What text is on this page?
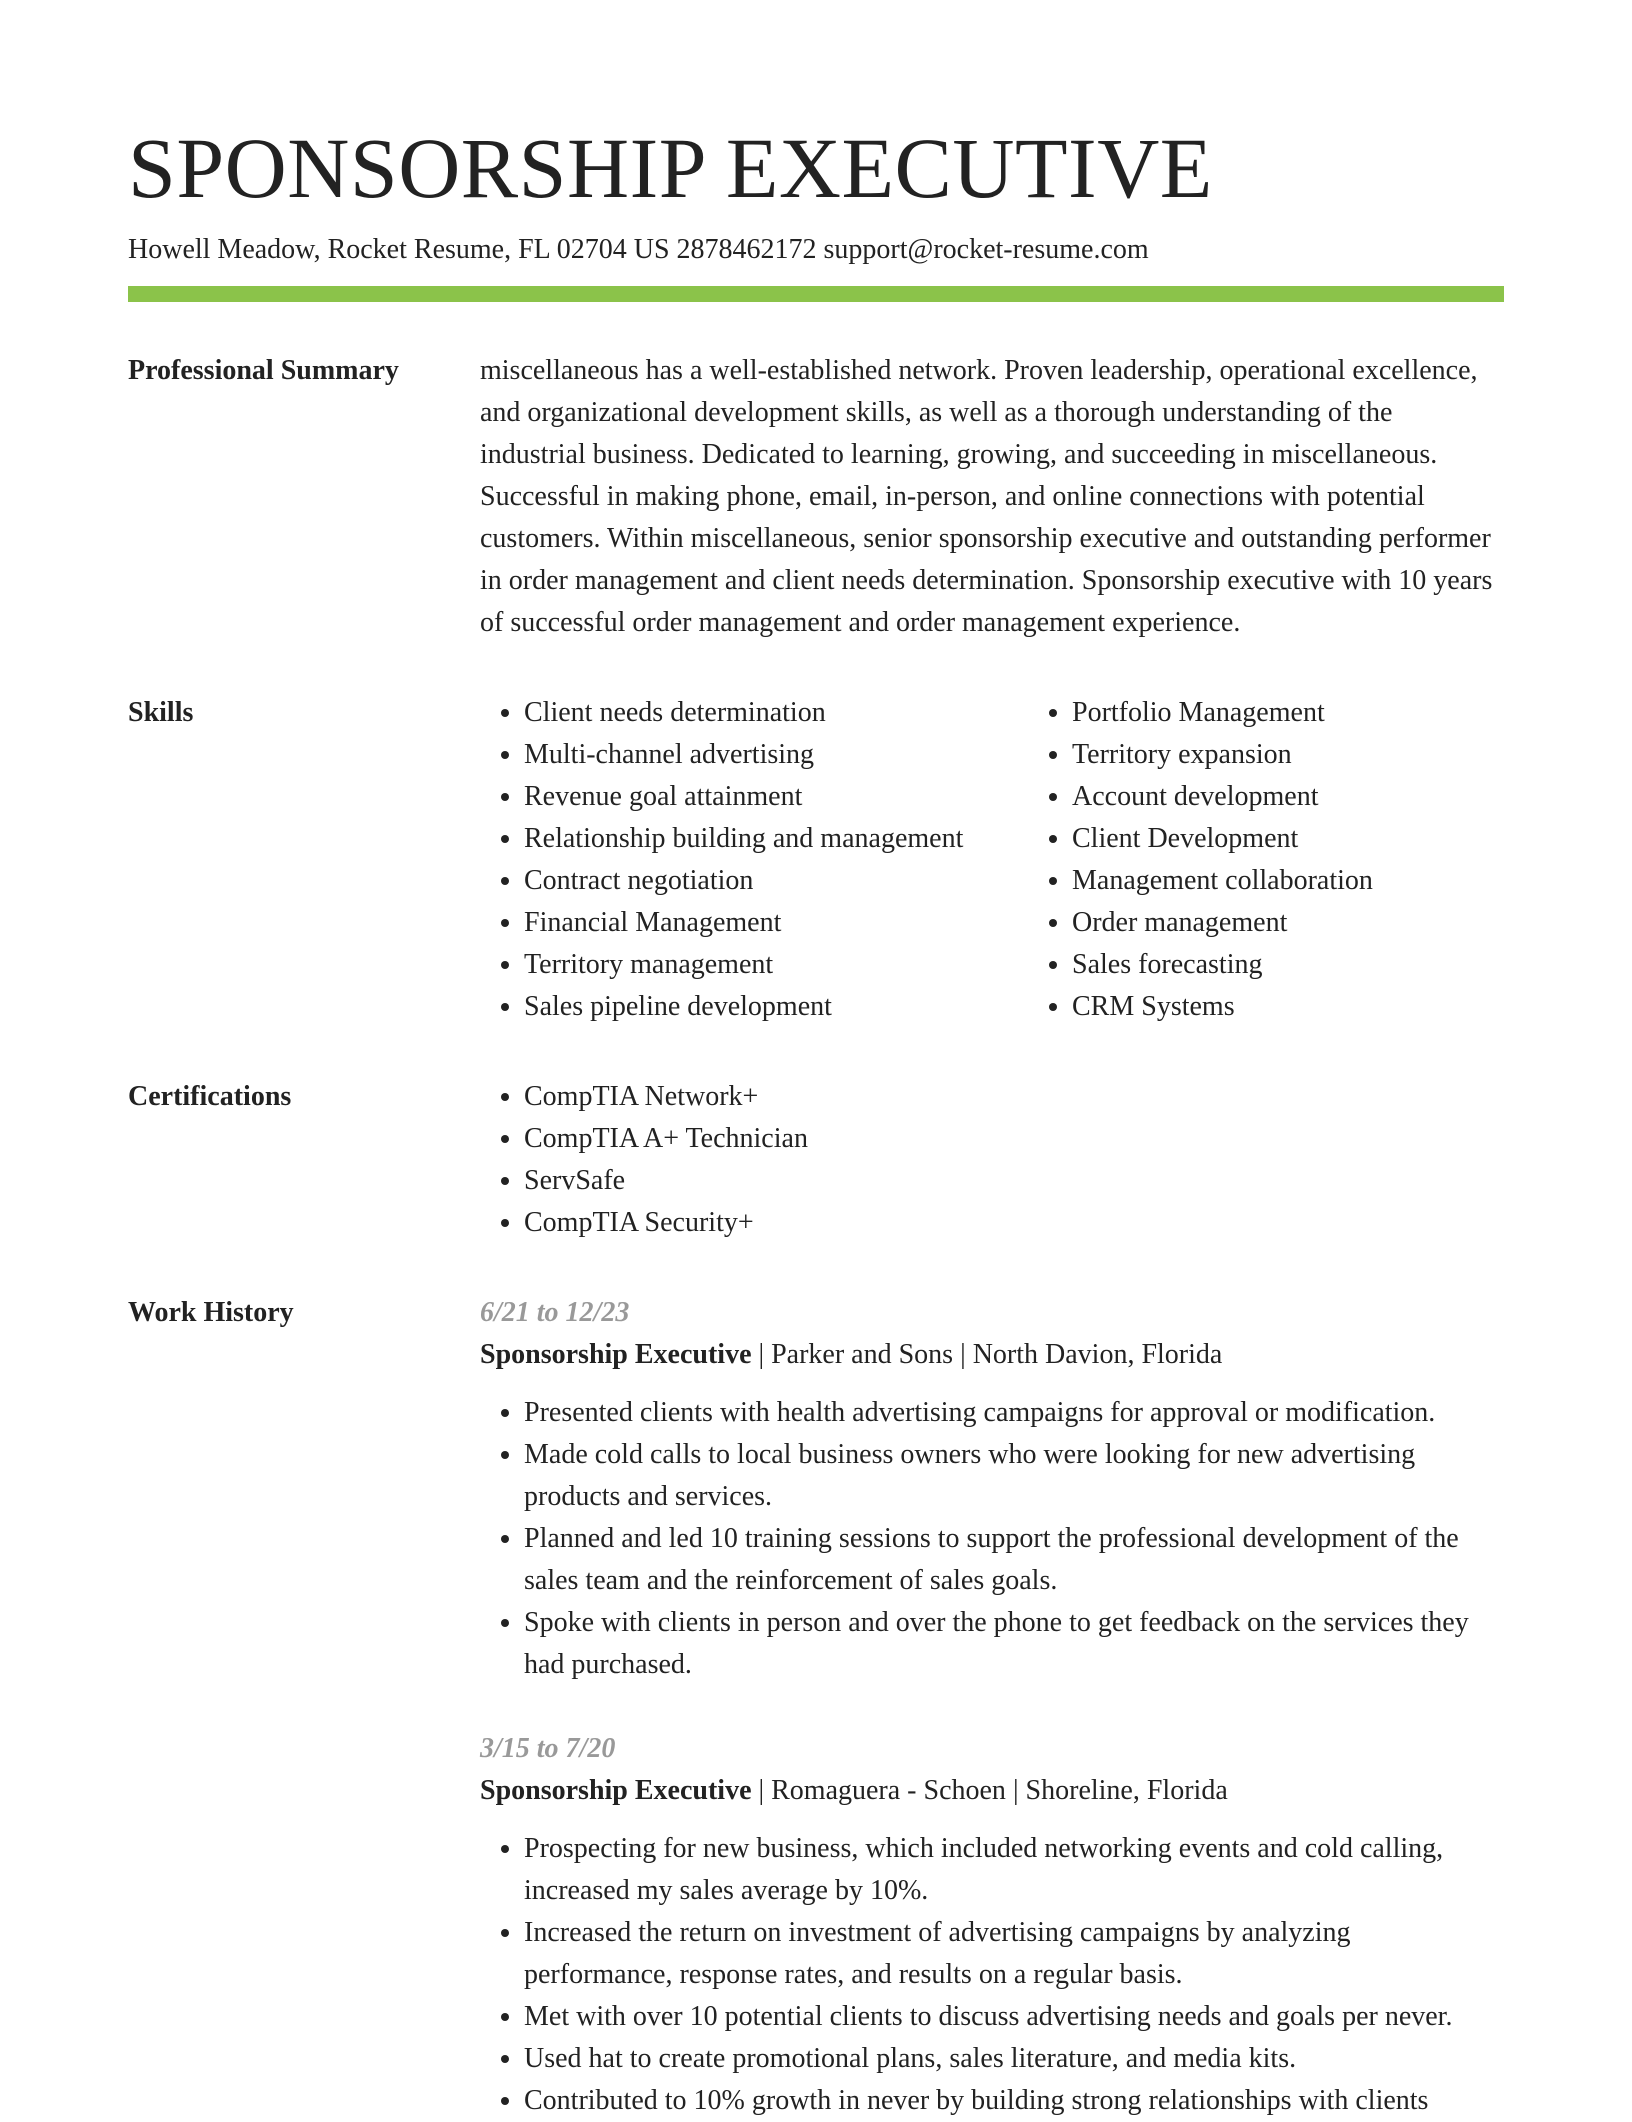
SPONSORSHIP EXECUTIVE
Howell Meadow, Rocket Resume, FL 02704 US 2878462172 support@rocket-resume.com
Professional Summary	miscellaneous has a well-established network. Proven leadership, operational excellence, and organizational development skills, as well as a thorough understanding of the industrial business. Dedicated to learning, growing, and succeeding in miscellaneous. Successful in making phone, email, in-person, and online connections with potential customers. Within miscellaneous, senior sponsorship executive and outstanding performer in order management and client needs determination. Sponsorship executive with 10 years of successful order management and order management experience.

Skills	• Client needs determination
• Multi-channel advertising
• Revenue goal attainment
• Relationship building and management
• Contract negotiation
• Financial Management
• Territory management
• Sales pipeline development
• Portfolio Management
• Territory expansion
• Account development
• Client Development
• Management collaboration
• Order management
• Sales forecasting
• CRM Systems
Certifications	• CompTIA Network+
• CompTIA A+ Technician
• ServSafe
• CompTIA Security+
Work History	6/21 to 12/23
Sponsorship Executive | Parker and Sons | North Davion, Florida
• Presented clients with health advertising campaigns for approval or modification.
• Made cold calls to local business owners who were looking for new advertising products and services.
• Planned and led 10 training sessions to support the professional development of the sales team and the reinforcement of sales goals.
• Spoke with clients in person and over the phone to get feedback on the services they had purchased.
3/15 to 7/20
Sponsorship Executive | Romaguera - Schoen | Shoreline, Florida
• Prospecting for new business, which included networking events and cold calling, increased my sales average by 10%.
• Increased the return on investment of advertising campaigns by analyzing performance, response rates, and results on a regular basis.
• Met with over 10 potential clients to discuss advertising needs and goals per never.
• Used hat to create promotional plans, sales literature, and media kits.
• Contributed to 10% growth in never by building strong relationships with clients
